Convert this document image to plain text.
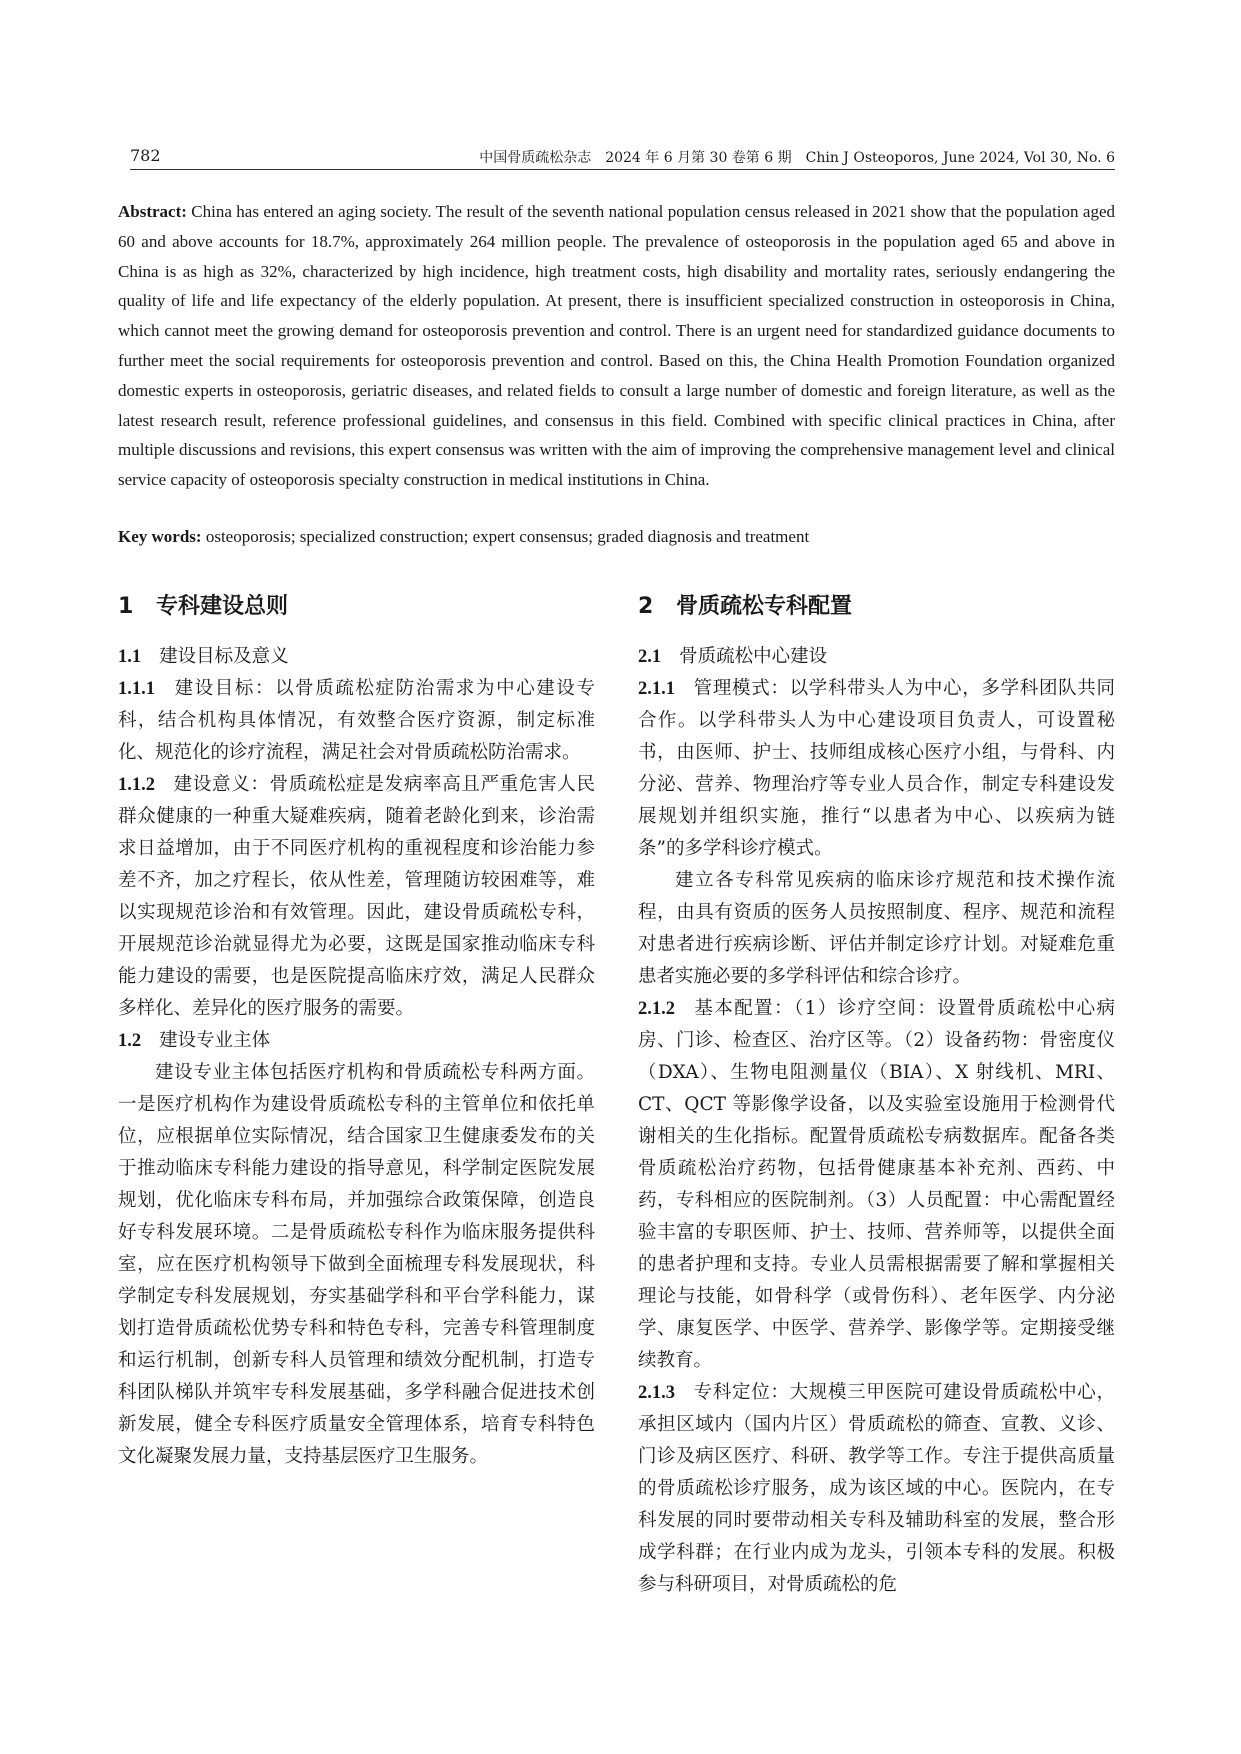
782	中国骨质疏松杂志　2024 年 6 月第 30 卷第 6 期　Chin J Osteoporos, June 2024, Vol 30, No. 6
Abstract: China has entered an aging society. The result of the seventh national population census released in 2021 show that the population aged 60 and above accounts for 18.7%, approximately 264 million people. The prevalence of osteoporosis in the population aged 65 and above in China is as high as 32%, characterized by high incidence, high treatment costs, high disability and mortality rates, seriously endangering the quality of life and life expectancy of the elderly population. At present, there is insufficient specialized construction in osteoporosis in China, which cannot meet the growing demand for osteoporosis prevention and control. There is an urgent need for standardized guidance documents to further meet the social requirements for osteoporosis prevention and control. Based on this, the China Health Promotion Foundation organized domestic experts in osteoporosis, geriatric diseases, and related fields to consult a large number of domestic and foreign literature, as well as the latest research result, reference professional guidelines, and consensus in this field. Combined with specific clinical practices in China, after multiple discussions and revisions, this expert consensus was written with the aim of improving the comprehensive management level and clinical service capacity of osteoporosis specialty construction in medical institutions in China.
Key words: osteoporosis; specialized construction; expert consensus; graded diagnosis and treatment
1 专科建设总则
1.1 建设目标及意义

1.1.1 建设目标：以骨质疏松症防治需求为中心建设专科，结合机构具体情况，有效整合医疗资源，制定标准化、规范化的诊疗流程，满足社会对骨质疏松防治需求。

1.1.2 建设意义：骨质疏松症是发病率高且严重危害人民群众健康的一种重大疑难疾病，随着老龄化到来，诊治需求日益增加，由于不同医疗机构的重视程度和诊治能力参差不齐，加之疗程长，依从性差，管理随访较困难等，难以实现规范诊治和有效管理。因此，建设骨质疏松专科，开展规范诊治就显得尤为必要，这既是国家推动临床专科能力建设的需要，也是医院提高临床疗效，满足人民群众多样化、差异化的医疗服务的需要。

1.2 建设专业主体

建设专业主体包括医疗机构和骨质疏松专科两方面。一是医疗机构作为建设骨质疏松专科的主管单位和依托单位，应根据单位实际情况，结合国家卫生健康委发布的关于推动临床专科能力建设的指导意见，科学制定医院发展规划，优化临床专科布局，并加强综合政策保障，创造良好专科发展环境。二是骨质疏松专科作为临床服务提供科室，应在医疗机构领导下做到全面梳理专科发展现状，科学制定专科发展规划，夯实基础学科和平台学科能力，谋划打造骨质疏松优势专科和特色专科，完善专科管理制度和运行机制，创新专科人员管理和绩效分配机制，打造专科团队梯队并筑牢专科发展基础，多学科融合促进技术创新发展，健全专科医疗质量安全管理体系，培育专科特色文化凝聚发展力量，支持基层医疗卫生服务。

2 骨质疏松专科配置
2.1 骨质疏松中心建设

2.1.1 管理模式：以学科带头人为中心，多学科团队共同合作。以学科带头人为中心建设项目负责人，可设置秘书，由医师、护士、技师组成核心医疗小组，与骨科、内分泌、营养、物理治疗等专业人员合作，制定专科建设发展规划并组织实施，推行“以患者为中心、以疾病为链条”的多学科诊疗模式。

建立各专科常见疾病的临床诊疗规范和技术操作流程，由具有资质的医务人员按照制度、程序、规范和流程对患者进行疾病诊断、评估并制定诊疗计划。对疑难危重患者实施必要的多学科评估和综合诊疗。

2.1.2 基本配置：（1）诊疗空间：设置骨质疏松中心病房、门诊、检查区、治疗区等。（2）设备药物：骨密度仪（DXA）、生物电阻测量仪（BIA）、X 射线机、MRI、CT、QCT 等影像学设备，以及实验室设施用于检测骨代谢相关的生化指标。配置骨质疏松专病数据库。配备各类骨质疏松治疗药物，包括骨健康基本补充剂、西药、中药，专科相应的医院制剂。（3）人员配置：中心需配置经验丰富的专职医师、护士、技师、营养师等，以提供全面的患者护理和支持。专业人员需根据需要了解和掌握相关理论与技能，如骨科学（或骨伤科）、老年医学、内分泌学、康复医学、中医学、营养学、影像学等。定期接受继续教育。

2.1.3 专科定位：大规模三甲医院可建设骨质疏松中心，承担区域内（国内片区）骨质疏松的筛查、宣教、义诊、门诊及病区医疗、科研、教学等工作。专注于提供高质量的骨质疏松诊疗服务，成为该区域的中心。医院内，在专科发展的同时要带动相关专科及辅助科室的发展，整合形成学科群；在行业内成为龙头，引领本专科的发展。积极参与科研项目，对骨质疏松的危
